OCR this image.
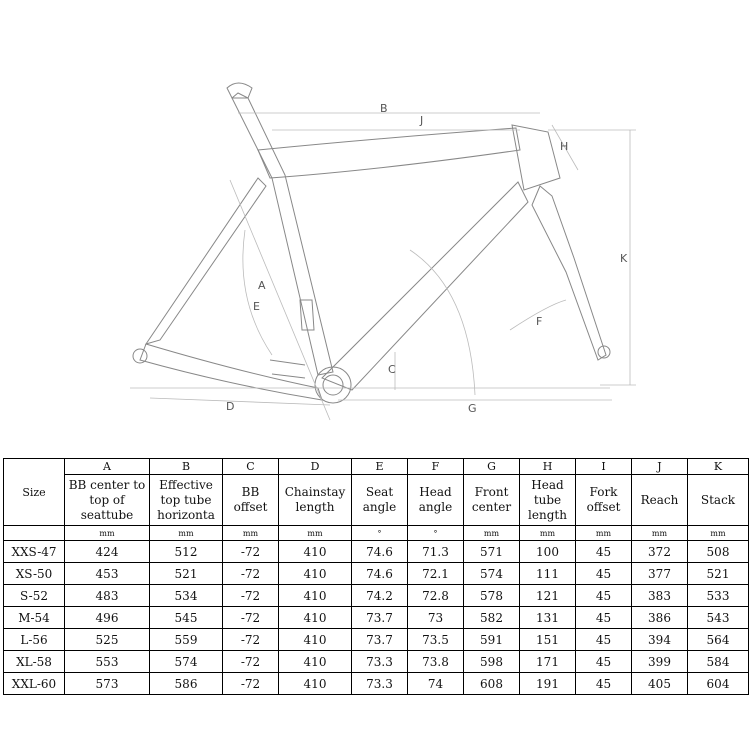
B
J
H
K
A
F
E
C
D	G
Size	A	B	C	D	E	F	G	H	I	J	K
	BB center to top of seattube	Effective top tube horizonta	BB offset	Chainstay length	Seat angle	Head angle	Front center	Head tube length	Fork offset	Reach	Stack
	mm	mm	mm	mm	°	°	mm	mm	mm	mm	mm
XXS-47	424	512	-72	410	74.6	71.3	571	100	45	372	508
XS-50	453	521	-72	410	74.6	72.1	574	111	45	377	521
S-52	483	534	-72	410	74.2	72.8	578	121	45	383	533
M-54	496	545	-72	410	73.7	73	582	131	45	386	543
L-56	525	559	-72	410	73.7	73.5	591	151	45	394	564
XL-58	553	574	-72	410	73.3	73.8	598	171	45	399	584
XXL-60	573	586	-72	410	73.3	74	608	191	45	405	604
